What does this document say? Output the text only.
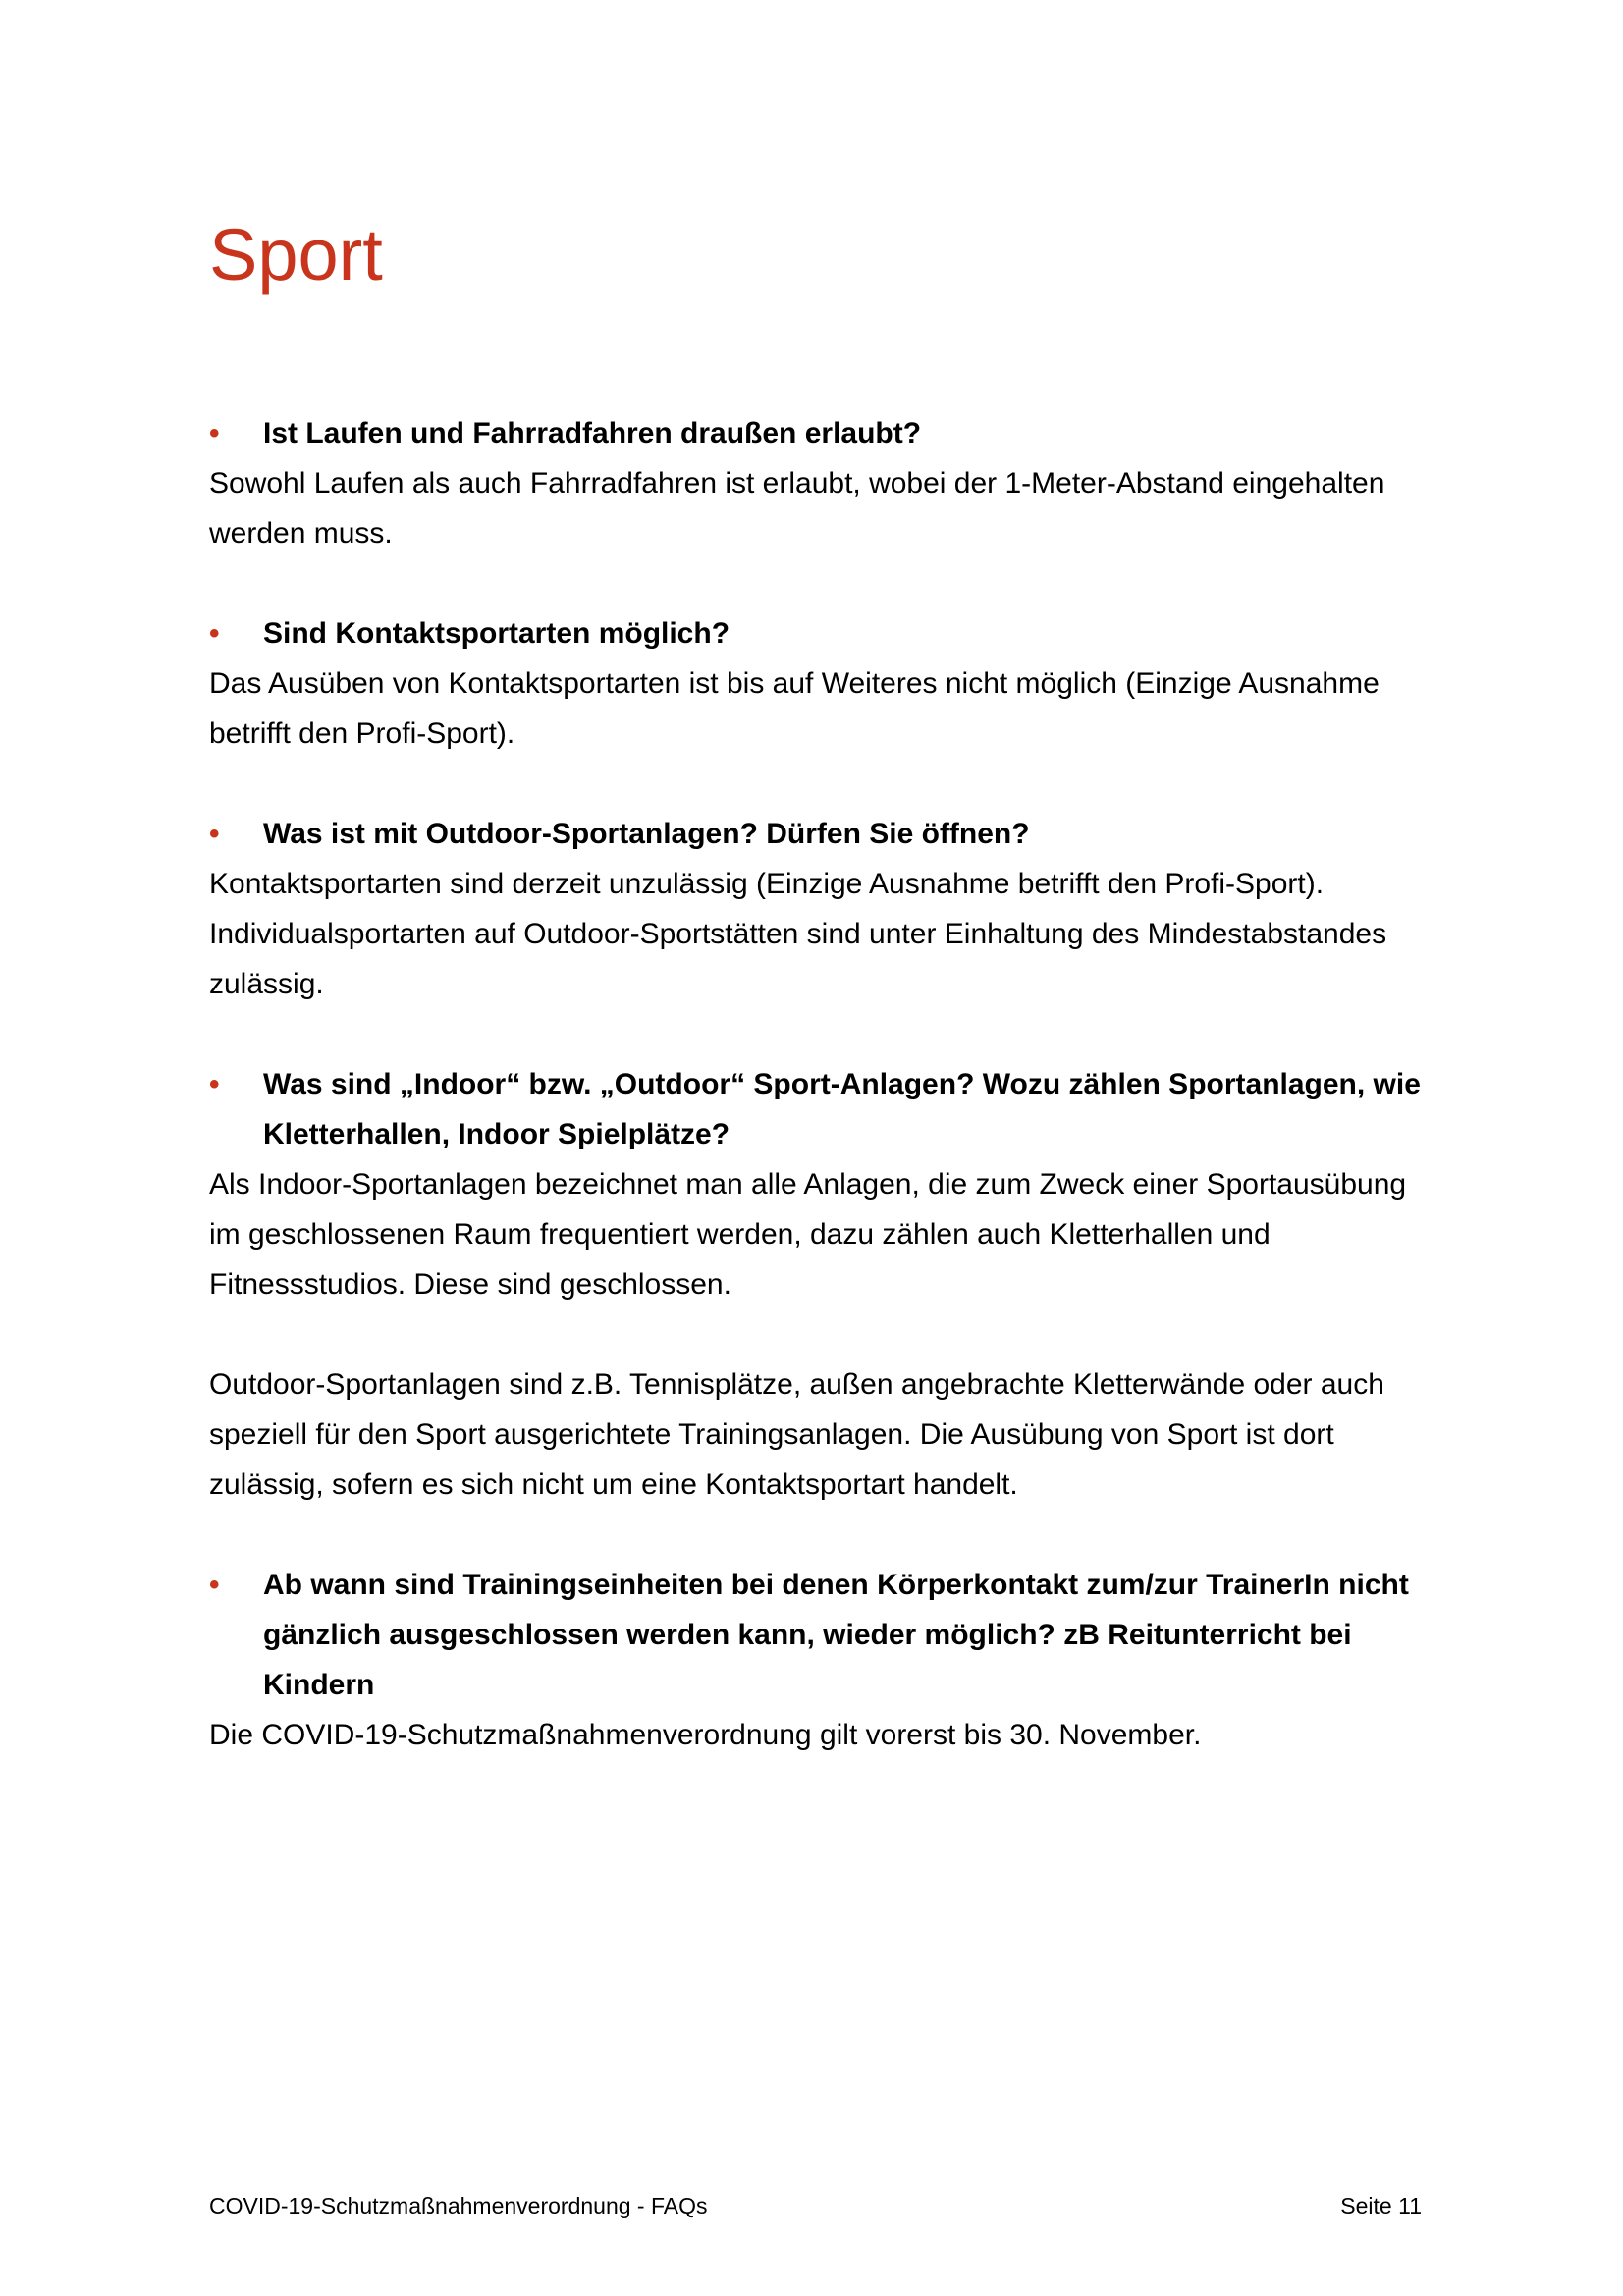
Sport

•	Ist Laufen und Fahrradfahren draußen erlaubt?

Sowohl Laufen als auch Fahrradfahren ist erlaubt, wobei der 1-Meter-Abstand eingehalten werden muss.

•	Sind Kontaktsportarten möglich?

Das Ausüben von Kontaktsportarten ist bis auf Weiteres nicht möglich (Einzige Ausnahme betrifft den Profi-Sport).

•	Was ist mit Outdoor-Sportanlagen? Dürfen Sie öffnen?

Kontaktsportarten sind derzeit unzulässig (Einzige Ausnahme betrifft den Profi-Sport). Individualsportarten auf Outdoor-Sportstätten sind unter Einhaltung des Mindestabstandes zulässig.

•	Was sind „Indoor“ bzw. „Outdoor“ Sport-Anlagen? Wozu zählen Sportanlagen, wie Kletterhallen, Indoor Spielplätze?

Als Indoor-Sportanlagen bezeichnet man alle Anlagen, die zum Zweck einer Sportausübung im geschlossenen Raum frequentiert werden, dazu zählen auch Kletterhallen und Fitnessstudios. Diese sind geschlossen.

Outdoor-Sportanlagen sind z.B. Tennisplätze, außen angebrachte Kletterwände oder auch speziell für den Sport ausgerichtete Trainingsanlagen. Die Ausübung von Sport ist dort zulässig, sofern es sich nicht um eine Kontaktsportart handelt.

•	Ab wann sind Trainingseinheiten bei denen Körperkontakt zum/zur TrainerIn nicht gänzlich ausgeschlossen werden kann, wieder möglich? zB Reitunterricht bei Kindern

Die COVID-19-Schutzmaßnahmenverordnung gilt vorerst bis 30. November.

COVID-19-Schutzmaßnahmenverordnung - FAQs	Seite 11
